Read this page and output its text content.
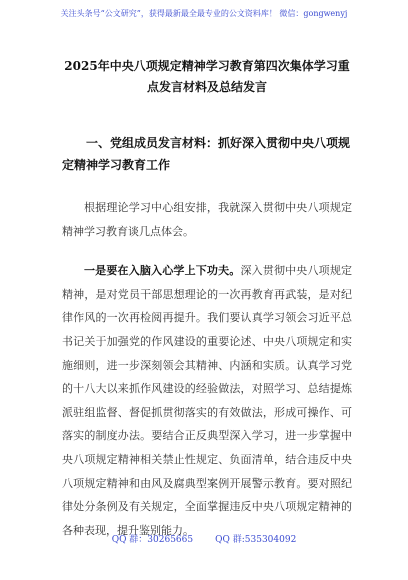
关注头条号“公文研究”，获得最新最全最专业的公文资料库！ 微信：gongwenyj
2025年中央八项规定精神学习教育第四次集体学习重点发言材料及总结发言

一、党组成员发言材料：抓好深入贯彻中央八项规定精神学习教育工作

根据理论学习中心组安排，我就深入贯彻中央八项规定精神学习教育谈几点体会。

一是要在入脑入心学上下功夫。深入贯彻中央八项规定精神，是对党员干部思想理论的一次再教育再武装，是对纪律作风的一次再检阅再提升。我们要认真学习领会习近平总书记关于加强党的作风建设的重要论述、中央八项规定和实施细则，进一步深刻领会其精神、内涵和实质。认真学习党的十八大以来抓作风建设的经验做法，对照学习、总结提炼派驻组监督、督促抓贯彻落实的有效做法，形成可操作、可落实的制度办法。要结合正反典型深入学习，进一步掌握中央八项规定精神相关禁止性规定、负面清单，结合违反中央八项规定精神和由风及腐典型案例开展警示教育。要对照纪律处分条例及有关规定，全面掌握违反中央八项规定精神的各种表现，提升鉴别能力。

QQ 群：30265665 QQ 群:535304092
